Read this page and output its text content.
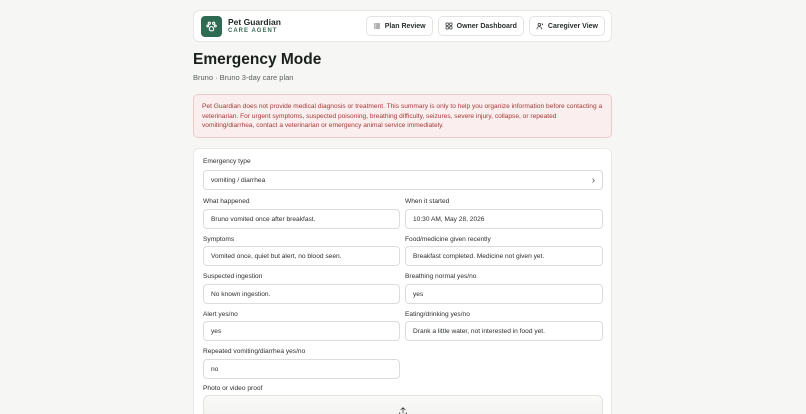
Pet Guardian
CARE AGENT
Plan Review	Owner Dashboard	Caregiver View
Emergency Mode
Bruno · Bruno 3-day care plan
Pet Guardian does not provide medical diagnosis or treatment. This summary is only to help you organize information before contacting a veterinarian. For urgent symptoms, suspected poisoning, breathing difficulty, seizures, severe injury, collapse, or repeated vomiting/diarrhea, contact a veterinarian or emergency animal service immediately.
Emergency type
vomiting / diarrhea
What happened
Bruno vomited once after breakfast.
When it started
10:30 AM, May 28, 2026
Symptoms
Vomited once, quiet but alert, no blood seen.
Food/medicine given recently
Breakfast completed. Medicine not given yet.
Suspected ingestion
No known ingestion.
Breathing normal yes/no
yes
Alert yes/no
yes
Eating/drinking yes/no
Drank a little water, not interested in food yet.
Repeated vomiting/diarrhea yes/no
no
Photo or video proof
